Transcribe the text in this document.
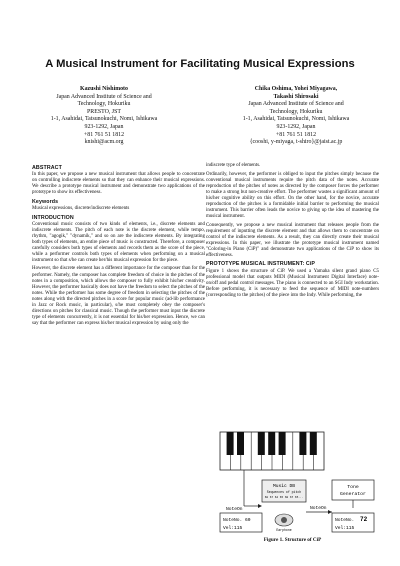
A Musical Instrument for Facilitating Musical Expressions
Kazushi Nishimoto
Japan Advanced Institute of Science and
Technology, Hokuriku
PRESTO, JST
1-1, Asahidai, Tatsunokuchi, Nomi, Ishikawa
923-1292, Japan
+81 761 51 1812
knishi@acm.org
Chika Oshima, Yohei Miyagawa,
Takashi Shirosaki
Japan Advanced Institute of Science and
Technology, Hokuriku
1-1, Asahidai, Tatsunokuchi, Nomi, Ishikawa
923-1292, Japan
+81 761 51 1812
{cooshi, y-miyaga, t-shiro}@jaist.ac.jp
ABSTRACT

In this paper, we propose a new musical instrument that allows people to concentrate on controlling indiscrete elements so that they can enhance their musical expressions. We describe a prototype musical instrument and demonstrate two applications of the prototype to show its effectiveness.

Keywords

Musical expressions, discrete/indiscrete elements

INTRODUCTION

Conventional music consists of two kinds of elements, i.e., discrete elements and indiscrete elements. The pitch of each note is the discrete element, while tempo, rhythm, "agogik," "dynamik," and so on are the indiscrete elements. By integrating both types of elements, an entire piece of music is constructed. Therefore, a composer carefully considers both types of elements and records them as the score of the piece, while a performer controls both types of elements when performing on a musical instrument so that s/he can create her/his musical expression for the piece.

However, the discrete element has a different importance for the composer than for the performer. Namely, the composer has complete freedom of choice in the pitches of the notes in a composition, which allows the composer to fully exhibit his/her creativity. However, the performer basically does not have the freedom to select the pitches of the notes. While the performer has some degree of freedom in selecting the pitches of the notes along with the directed pitches in a score for popular music (ad-lib performance in Jazz or Rock music, in particular), s/he must completely obey the composer's directions on pitches for classical music. Though the performer must input the discrete type of elements concurrently, it is not essential for his/her expression. Hence, we can say that the performer can express his/her musical expression by using only the

indiscrete type of elements.

Ordinarily, however, the performer is obliged to input the pitches simply because the conventional musical instruments require the pitch data of the notes. Accurate reproduction of the pitches of notes as directed by the composer forces the performer to make a strong but non-creative effort. The performer wastes a significant amount of his/her cognitive ability on this effort. On the other hand, for the novice, accurate reproduction of the pitches is a formidable initial barrier to performing the musical instrument. This barrier often leads the novice to giving up the idea of mastering the musical instrument.

Consequently, we propose a new musical instrument that releases people from the requirement of inputting the discrete element and that allows them to concentrate on control of the indiscrete elements. As a result, they can directly create their musical expressions. In this paper, we illustrate the prototype musical instrument named "Coloring-in Piano (CiP)" and demonstrate two applications of the CiP to show its effectiveness.

PROTOTYPE MUSICAL INSTRUMENT: CiP

Figure 1 shows the structure of CiP. We used a Yamaha silent grand piano C5 professional model that outputs MIDI (Musical Instrument Digital Interface) note-on/off and pedal control messages. The piano is connected to an SGI Indy workstation. Before performing, it is necessary to feed the sequence of MIDI note-numbers (corresponding to the pitches) of the piece into the Indy. While performing, the

Music DB
Sequences of pitch
60 67 64 65 60 67 65...
Tone
Generator
NoteOn	NoteOn
NoteNo. 60
Vel:115	Earphone
NoteNo. 72
Vel:115
Figure 1. Structure of CiP
